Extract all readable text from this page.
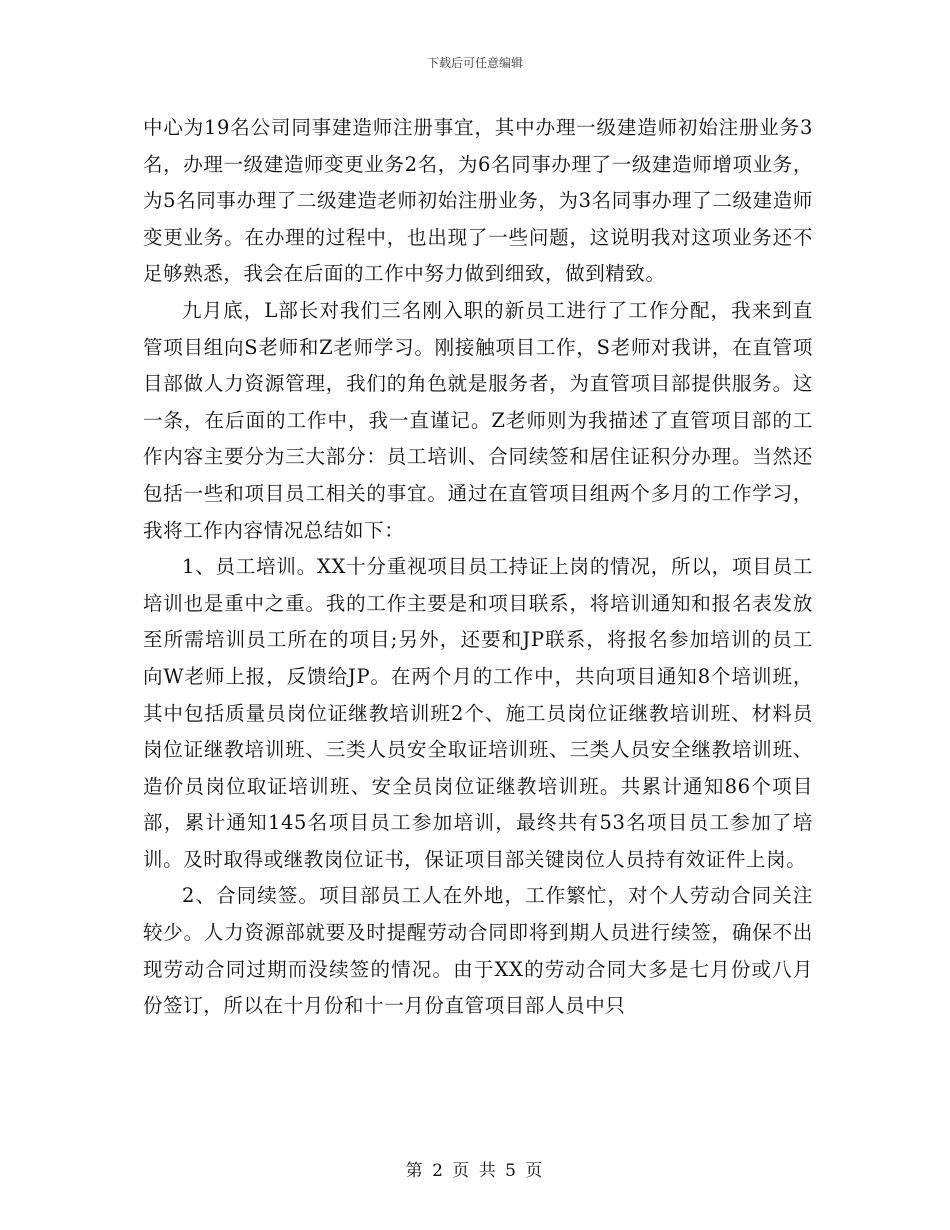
下载后可任意编辑

中心为19名公司同事建造师注册事宜，其中办理一级建造师初始注册业务3名，办理一级建造师变更业务2名，为6名同事办理了一级建造师增项业务，为5名同事办理了二级建造老师初始注册业务，为3名同事办理了二级建造师变更业务。在办理的过程中，也出现了一些问题，这说明我对这项业务还不足够熟悉，我会在后面的工作中努力做到细致，做到精致。

九月底，L部长对我们三名刚入职的新员工进行了工作分配，我来到直管项目组向S老师和Z老师学习。刚接触项目工作，S老师对我讲，在直管项目部做人力资源管理，我们的角色就是服务者，为直管项目部提供服务。这一条，在后面的工作中，我一直谨记。Z老师则为我描述了直管项目部的工作内容主要分为三大部分：员工培训、合同续签和居住证积分办理。当然还包括一些和项目员工相关的事宜。通过在直管项目组两个多月的工作学习，我将工作内容情况总结如下：

1、员工培训。XX十分重视项目员工持证上岗的情况，所以，项目员工培训也是重中之重。我的工作主要是和项目联系，将培训通知和报名表发放至所需培训员工所在的项目;另外，还要和JP联系，将报名参加培训的员工向W老师上报，反馈给JP。在两个月的工作中，共向项目通知8个培训班，其中包括质量员岗位证继教培训班2个、施工员岗位证继教培训班、材料员岗位证继教培训班、三类人员安全取证培训班、三类人员安全继教培训班、造价员岗位取证培训班、安全员岗位证继教培训班。共累计通知86个项目部，累计通知145名项目员工参加培训，最终共有53名项目员工参加了培训。及时取得或继教岗位证书，保证项目部关键岗位人员持有效证件上岗。

2、合同续签。项目部员工人在外地，工作繁忙，对个人劳动合同关注较少。人力资源部就要及时提醒劳动合同即将到期人员进行续签，确保不出现劳动合同过期而没续签的情况。由于XX的劳动合同大多是七月份或八月份签订，所以在十月份和十一月份直管项目部人员中只

第 2 页 共 5 页
